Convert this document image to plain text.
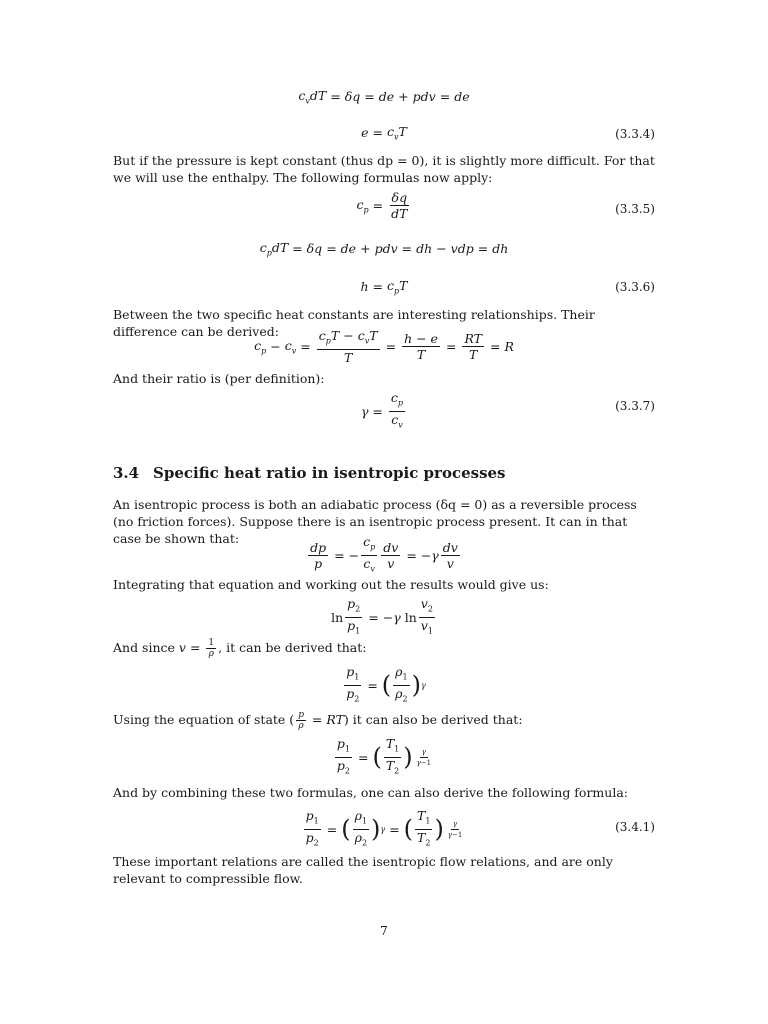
$c_vdT = \delta q$ = de + pdv = de
$e = c_vT$	(3.3.4)

But if the pressure is kept constant (thus dp = 0), it is slightly more difficult. For that we will use the enthalpy. The following formulas now apply:

$c_p = \frac{\delta q}{dT}$	(3.3.5)
$c_pdT = \delta q$ = de + pdv = dh − vdp = dh
$h = c_pT$	(3.3.6)

Between the two specific heat constants are interesting relationships. Their difference can be derived:

$c_p - c_v = \frac{c_pT - c_vT}{T} = \frac{h - e}{T} = \frac{RT}{T} = R$

And their ratio is (per definition):

$\gamma = \frac{c_p}{c_v}$	(3.3.7)
3.4 Specific heat ratio in isentropic processes

An isentropic process is both an adiabatic process (δq = 0) as a reversible process (no friction forces). Suppose there is an isentropic process present. It can in that case be shown that:

$\frac{dp}{p}$ = − $\frac{c_p}{c_v} \frac{dv}{v}$ = − γ $\frac{dv}{v}$

Integrating that equation and working out the results would give us:

$\ln \frac{p_2}{p_1}$ = − γ $\ln \frac{v_2}{v_1}$

And since $v = \frac{1}{\rho}$ , it can be derived that:

$\frac{p_1}{p_2}$ = ( $\frac{\rho_1}{\rho_2}$ ) γ

Using the equation of state ( $\frac{p}{\rho} = RT$) it can also be derived that:

$\frac{p_1}{p_2}$ = ( $\frac{T_1}{T_2}$ ) $\frac{\gamma}{\gamma-1}$

And by combining these two formulas, one can also derive the following formula:

$\frac{p_1}{p_2}$ = ( $\frac{\rho_1}{\rho_2}$ ) γ = ( $\frac{T_1}{T_2}$ ) $\frac{\gamma}{\gamma-1}$	(3.4.1)

These important relations are called the isentropic flow relations, and are only relevant to compressible flow.

7
